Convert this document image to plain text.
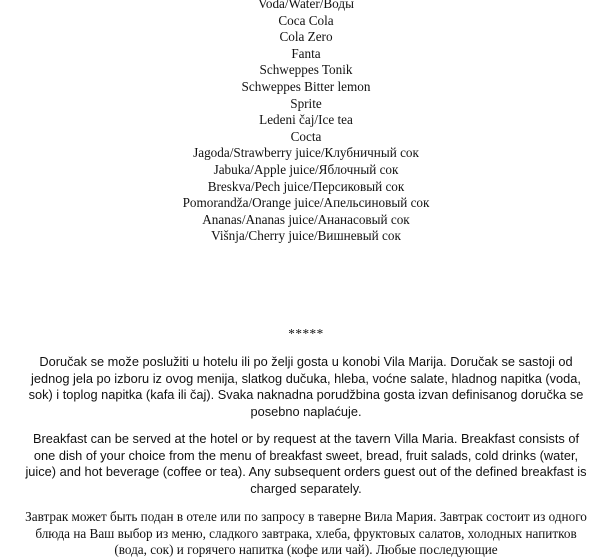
Voda/Water/Воды
Coca Cola
Cola Zero
Fanta
Schweppes Tonik
Schweppes Bitter lemon
Sprite
Ledeni čaj/Ice tea
Cocta
Jagoda/Strawberry juice/Клубничный сок
Jabuka/Apple juice/Яблочный сок
Breskva/Pech juice/Персиковый сок
Pomorandža/Orange juice/Апельсиновый сок
Ananas/Ananas juice/Ананасовый сок
Višnja/Cherry juice/Вишневый сок
*****

Doručak se može poslužiti u hotelu ili po želji gosta u konobi Vila Marija. Doručak se sastoji od jednog jela po izboru iz ovog menija, slatkog dučuka, hleba, voćne salate, hladnog napitka (voda, sok) i toplog napitka (kafa ili čaj). Svaka naknadna porudžbina gosta izvan definisanog doručka se posebno naplaćuje.

Breakfast can be served at the hotel or by request at the tavern Villa Maria. Breakfast consists of one dish of your choice from the menu of breakfast sweet, bread, fruit salads, cold drinks (water, juice) and hot beverage (coffee or tea). Any subsequent orders guest out of the defined breakfast is charged separately.

Завтрак может быть подан в отеле или по запросу в таверне Вила Мария. Завтрак состоит из одного блюда на Ваш выбор из меню, сладкого завтрака, хлеба, фруктовых салатов, холодных напитков (вода, сок) и горячего напитка (кофе или чай). Любые последующие
